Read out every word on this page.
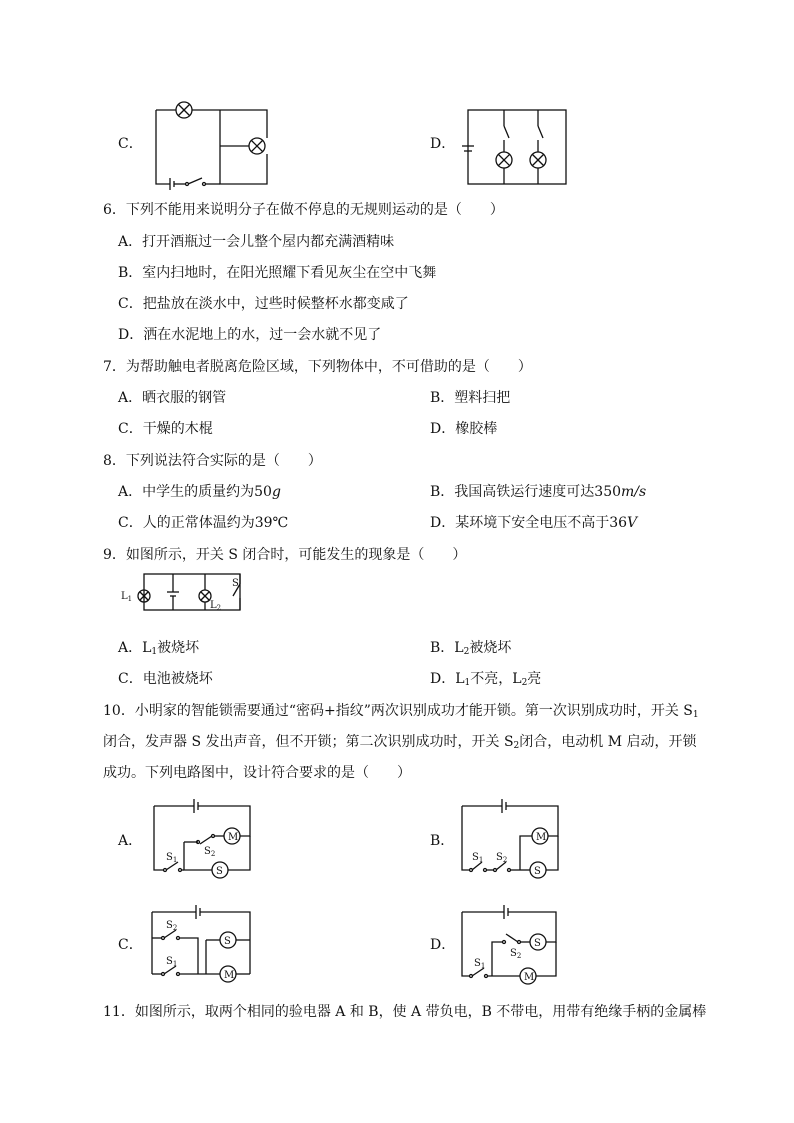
C．	D．
6．下列不能用来说明分子在做不停息的无规则运动的是（　　）
A．打开酒瓶过一会儿整个屋内都充满酒精味
B．室内扫地时，在阳光照耀下看见灰尘在空中飞舞
C．把盐放在淡水中，过些时候整杯水都变咸了
D．洒在水泥地上的水，过一会水就不见了
7．为帮助触电者脱离危险区域，下列物体中，不可借助的是（　　）
A．晒衣服的钢管	B．塑料扫把
C．干燥的木棍	D．橡胶棒
8．下列说法符合实际的是（　　）
A．中学生的质量约为50g	B．我国高铁运行速度可达350m/s
C．人的正常体温约为39℃	D．某环境下安全电压不高于36V
9．如图所示，开关 S 闭合时，可能发生的现象是（　　）
$L_1$
$L_2$
S
A．$L_1$被烧坏	B．$L_2$被烧坏
C．电池被烧坏	D．$L_1$不亮，$L_2$亮
10．小明家的智能锁需要通过“密码+指纹”两次识别成功才能开锁。第一次识别成功时，开关 $S_1$
闭合，发声器 S 发出声音，但不开锁；第二次识别成功时，开关 $S_2$闭合，电动机 M 启动，开锁
成功。下列电路图中，设计符合要求的是（　　）
A．	M
S
$S_2$
$S_1$
B．	M
S
$S_1$ $S_2$
C．	S
M
$S_2$
$S_1$
D．	S
M
$S_2$
$S_1$
11．如图所示，取两个相同的验电器 A 和 B，使 A 带负电，B 不带电，用带有绝缘手柄的金属棒
